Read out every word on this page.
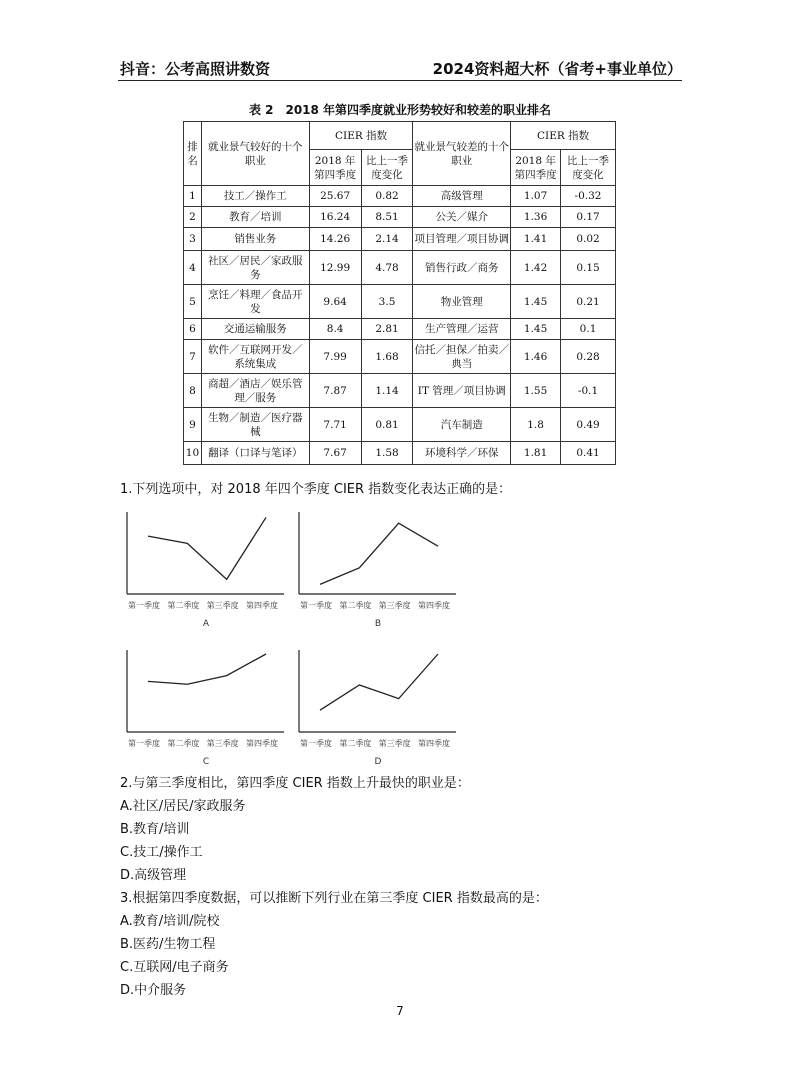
抖音：公考高照讲数资	2024资料超大杯（省考+事业单位）
表 2　2018 年第四季度就业形势较好和较差的职业排名
排名	就业景气较好的十个职业	CIER 指数		就业景气较差的十个职业	CIER 指数	
		2018 年第四季度	比上一季度变化		2018 年第四季度	比上一季度变化
1	技工／操作工	25.67	0.82	高级管理	1.07	-0.32
2	教育／培训	16.24	8.51	公关／媒介	1.36	0.17
3	销售业务	14.26	2.14	项目管理／项目协调	1.41	0.02
4	社区／居民／家政服务	12.99	4.78	销售行政／商务	1.42	0.15
5	烹饪／料理／食品开发	9.64	3.5	物业管理	1.45	0.21
6	交通运输服务	8.4	2.81	生产管理／运营	1.45	0.1
7	软件／互联网开发／系统集成	7.99	1.68	信托／担保／拍卖／典当	1.46	0.28
8	商超／酒店／娱乐管理／服务	7.87	1.14	IT 管理／项目协调	1.55	-0.1
9	生物／制造／医疗器械	7.71	0.81	汽车制造	1.8	0.49
10	翻译（口译与笔译）	7.67	1.58	环境科学／环保	1.81	0.41
1.下列选项中，对 2018 年四个季度 CIER 指数变化表达正确的是：
第一季度 第二季度 第三季度 第四季度
A
第一季度 第二季度 第三季度 第四季度
B
第一季度 第二季度 第三季度 第四季度
C
第一季度 第二季度 第三季度 第四季度
D
2.与第三季度相比，第四季度 CIER 指数上升最快的职业是：
A.社区/居民/家政服务
B.教育/培训
C.技工/操作工
D.高级管理
3.根据第四季度数据，可以推断下列行业在第三季度 CIER 指数最高的是：
A.教育/培训/院校
B.医药/生物工程
C.互联网/电子商务
D.中介服务
7
